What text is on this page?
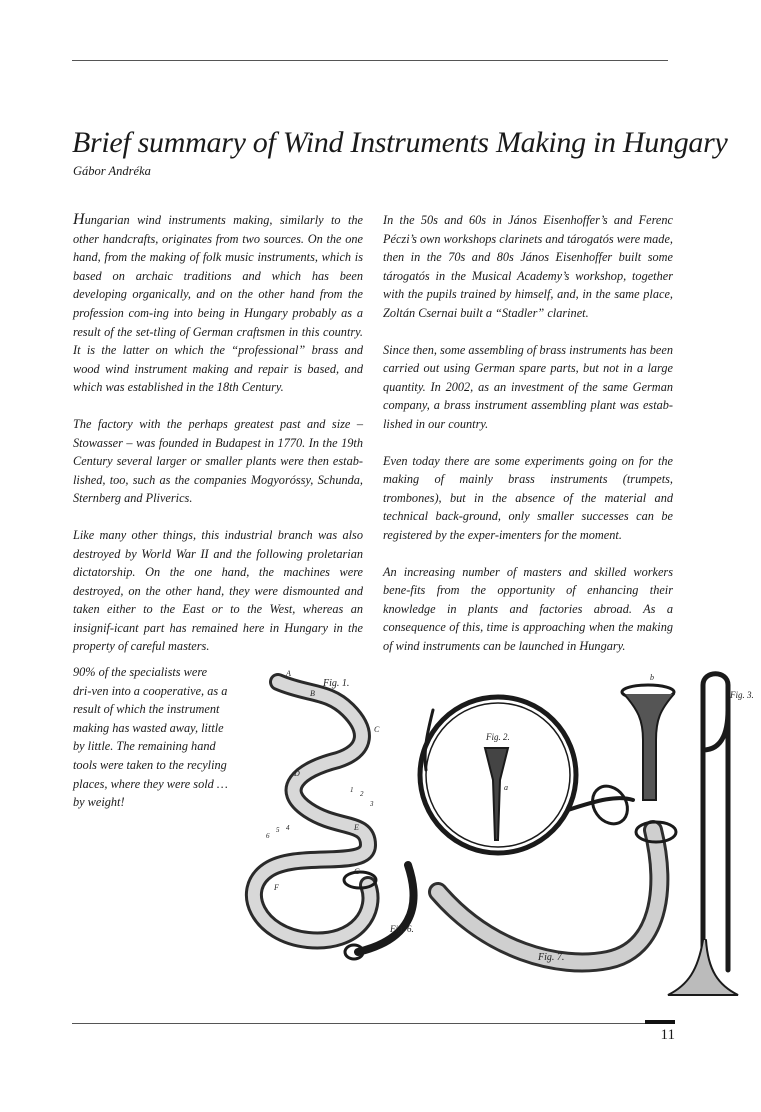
Brief summary of Wind Instruments Making in Hungary
Gábor Andréka

Hungarian wind instruments making, similarly to the other handcrafts, originates from two sources. On the one hand, from the making of folk music instruments, which is based on archaic traditions and which has been developing organically, and on the other hand from the profession com-ing into being in Hungary probably as a result of the set-tling of German craftsmen in this country. It is the latter on which the “professional” brass and wood wind instrument making and repair is based, and which was established in the 18th Century.

The factory with the perhaps greatest past and size – Stowasser – was founded in Budapest in 1770. In the 19th Century several larger or smaller plants were then estab-lished, too, such as the companies Mogyoróssy, Schunda, Sternberg and Pliverics.

Like many other things, this industrial branch was also destroyed by World War II and the following proletarian dictatorship. On the one hand, the machines were destroyed, on the other hand, they were dismounted and taken either to the East or to the West, whereas an insignif-icant part has remained here in Hungary in the property of careful masters.

In the 50s and 60s in János Eisenhoffer’s and Ferenc Péczi’s own workshops clarinets and tárogatós were made, then in the 70s and 80s János Eisenhoffer built some tárogatós in the Musical Academy’s workshop, together with the pupils trained by himself, and, in the same place, Zoltán Csernai built a “Stadler” clarinet.

Since then, some assembling of brass instruments has been carried out using German spare parts, but not in a large quantity. In 2002, as an investment of the same German company, a brass instrument assembling plant was estab-lished in our country.

Even today there are some experiments going on for the making of mainly brass instruments (trumpets, trombones), but in the absence of the material and technical back-ground, only smaller successes can be registered by the exper-imenters for the moment.

An increasing number of masters and skilled workers bene-fits from the opportunity of enhancing their knowledge in plants and factories abroad. As a consequence of this, time is approaching when the making of wind instruments can be launched in Hungary.

90% of the specialists were dri-ven into a cooperative, as a result of which the instrument making has wasted away, little by little. The remaining hand tools were taken to the recyling places, where they were sold …by weight!
Fig. 1.
Fig. 2.
Fig. 3.
Fig. 6.
Fig. 7.
A
B
C
D
E
F
G
a
b
1 2
3
4
5
6
11
